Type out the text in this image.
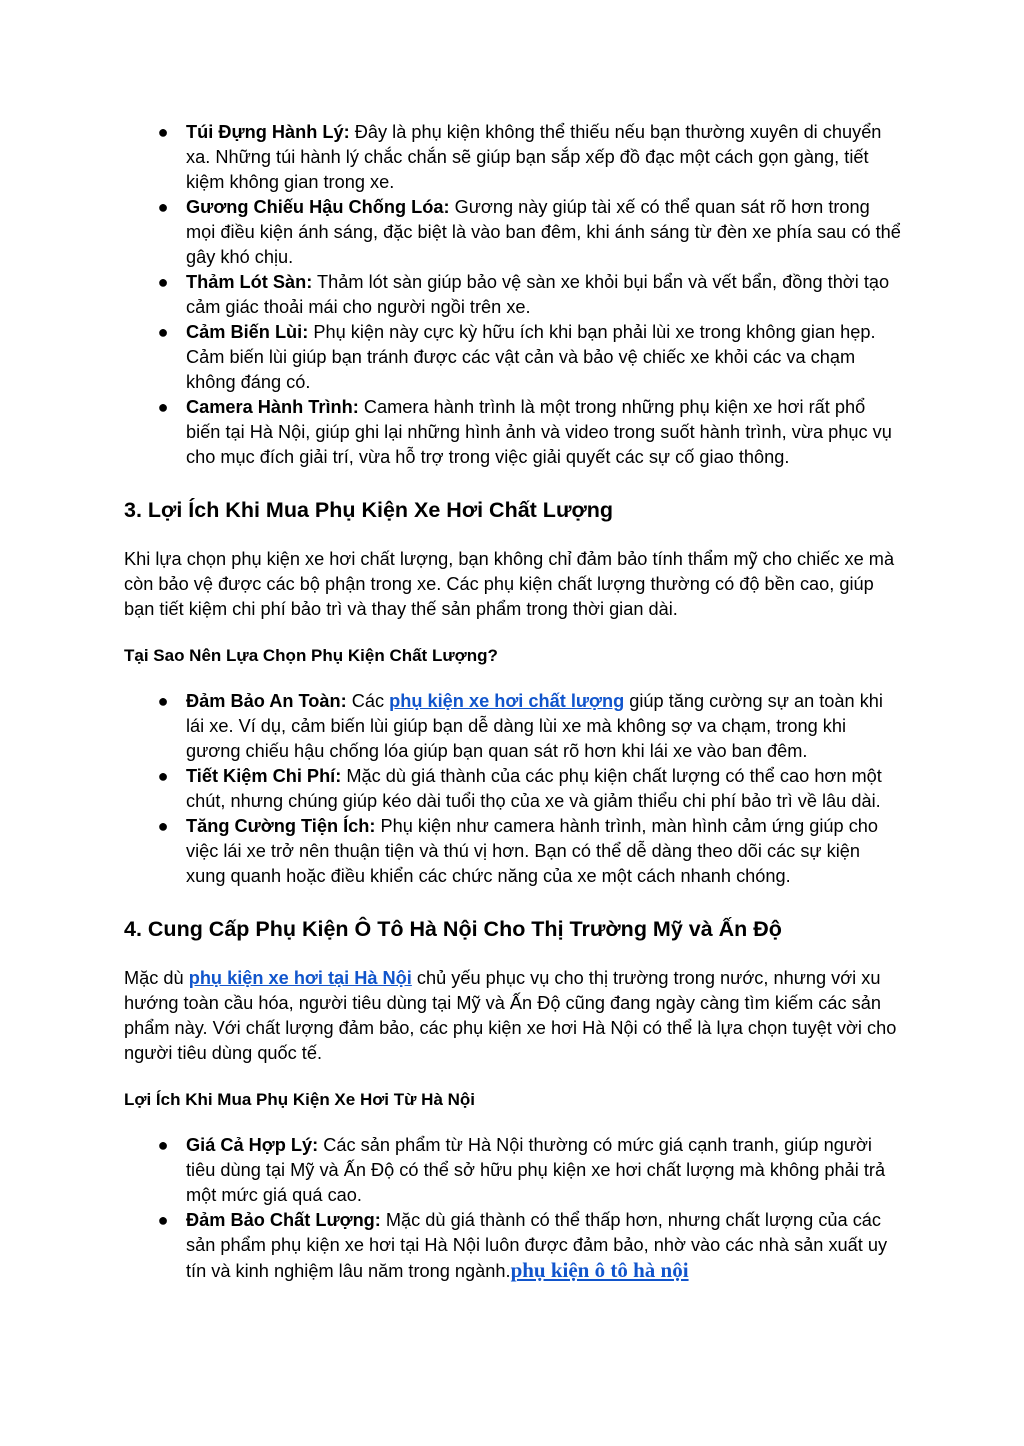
● Túi Đựng Hành Lý: Đây là phụ kiện không thể thiếu nếu bạn thường xuyên di chuyển xa. Những túi hành lý chắc chắn sẽ giúp bạn sắp xếp đồ đạc một cách gọn gàng, tiết kiệm không gian trong xe.
● Gương Chiếu Hậu Chống Lóa: Gương này giúp tài xế có thể quan sát rõ hơn trong mọi điều kiện ánh sáng, đặc biệt là vào ban đêm, khi ánh sáng từ đèn xe phía sau có thể gây khó chịu.
● Thảm Lót Sàn: Thảm lót sàn giúp bảo vệ sàn xe khỏi bụi bẩn và vết bẩn, đồng thời tạo cảm giác thoải mái cho người ngồi trên xe.
● Cảm Biến Lùi: Phụ kiện này cực kỳ hữu ích khi bạn phải lùi xe trong không gian hẹp. Cảm biến lùi giúp bạn tránh được các vật cản và bảo vệ chiếc xe khỏi các va chạm không đáng có.
● Camera Hành Trình: Camera hành trình là một trong những phụ kiện xe hơi rất phổ biến tại Hà Nội, giúp ghi lại những hình ảnh và video trong suốt hành trình, vừa phục vụ cho mục đích giải trí, vừa hỗ trợ trong việc giải quyết các sự cố giao thông.
3. Lợi Ích Khi Mua Phụ Kiện Xe Hơi Chất Lượng

Khi lựa chọn phụ kiện xe hơi chất lượng, bạn không chỉ đảm bảo tính thẩm mỹ cho chiếc xe mà còn bảo vệ được các bộ phận trong xe. Các phụ kiện chất lượng thường có độ bền cao, giúp bạn tiết kiệm chi phí bảo trì và thay thế sản phẩm trong thời gian dài.

Tại Sao Nên Lựa Chọn Phụ Kiện Chất Lượng?
● Đảm Bảo An Toàn: Các phụ kiện xe hơi chất lượng giúp tăng cường sự an toàn khi lái xe. Ví dụ, cảm biến lùi giúp bạn dễ dàng lùi xe mà không sợ va chạm, trong khi gương chiếu hậu chống lóa giúp bạn quan sát rõ hơn khi lái xe vào ban đêm.
● Tiết Kiệm Chi Phí: Mặc dù giá thành của các phụ kiện chất lượng có thể cao hơn một chút, nhưng chúng giúp kéo dài tuổi thọ của xe và giảm thiểu chi phí bảo trì về lâu dài.
● Tăng Cường Tiện Ích: Phụ kiện như camera hành trình, màn hình cảm ứng giúp cho việc lái xe trở nên thuận tiện và thú vị hơn. Bạn có thể dễ dàng theo dõi các sự kiện xung quanh hoặc điều khiển các chức năng của xe một cách nhanh chóng.
4. Cung Cấp Phụ Kiện Ô Tô Hà Nội Cho Thị Trường Mỹ và Ấn Độ

Mặc dù phụ kiện xe hơi tại Hà Nội chủ yếu phục vụ cho thị trường trong nước, nhưng với xu hướng toàn cầu hóa, người tiêu dùng tại Mỹ và Ấn Độ cũng đang ngày càng tìm kiếm các sản phẩm này. Với chất lượng đảm bảo, các phụ kiện xe hơi Hà Nội có thể là lựa chọn tuyệt vời cho người tiêu dùng quốc tế.

Lợi Ích Khi Mua Phụ Kiện Xe Hơi Từ Hà Nội
● Giá Cả Hợp Lý: Các sản phẩm từ Hà Nội thường có mức giá cạnh tranh, giúp người tiêu dùng tại Mỹ và Ấn Độ có thể sở hữu phụ kiện xe hơi chất lượng mà không phải trả một mức giá quá cao.
● Đảm Bảo Chất Lượng: Mặc dù giá thành có thể thấp hơn, nhưng chất lượng của các sản phẩm phụ kiện xe hơi tại Hà Nội luôn được đảm bảo, nhờ vào các nhà sản xuất uy tín và kinh nghiệm lâu năm trong ngành.phụ kiện ô tô hà nội
